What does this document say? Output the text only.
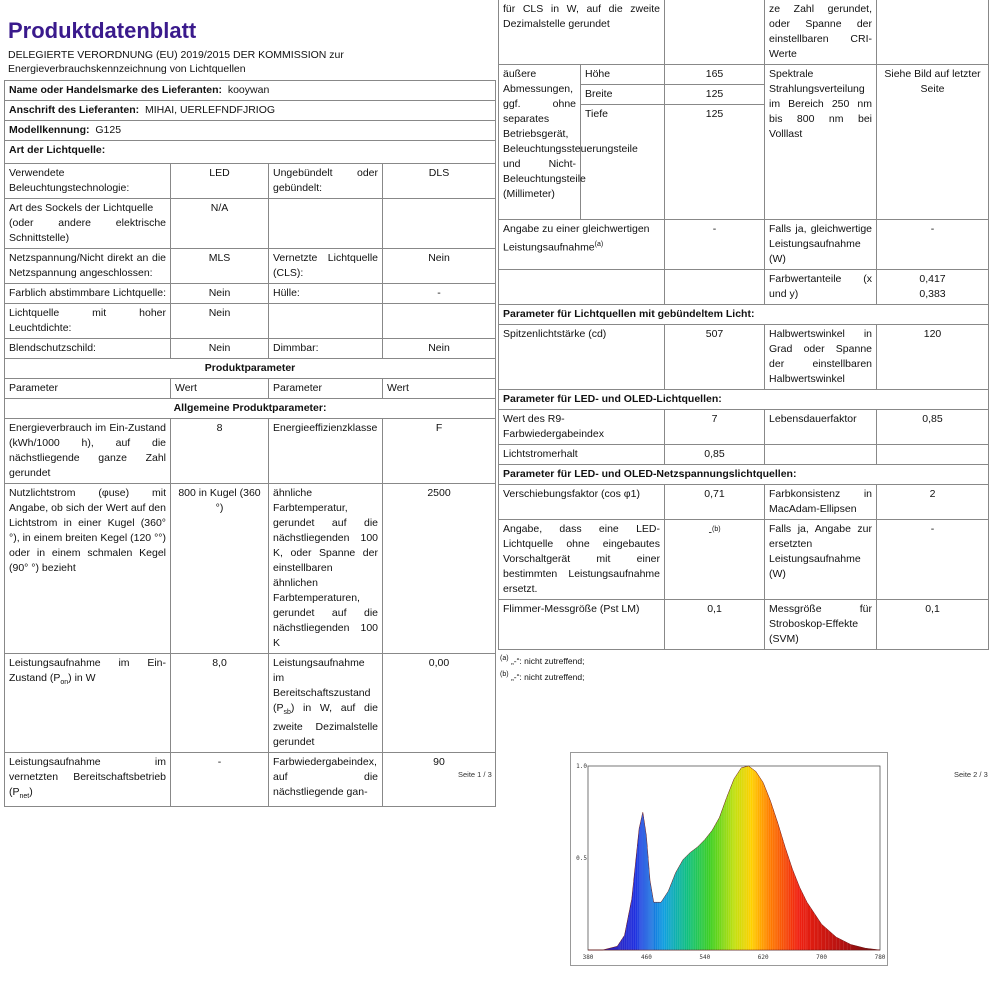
Produktdatenblatt
DELEGIERTE VERORDNUNG (EU) 2019/2015 DER KOMMISSION zur
Energieverbrauchskennzeichnung von Lichtquellen
Name oder Handelsmarke des Lieferanten: kooywan			
Anschrift des Lieferanten: MIHAI, UERLEFNDFJRIOG			
Modellkennung: G125			
Art der Lichtquelle:			
Verwendete Beleuchtungstechnologie:	LED	Ungebündelt oder gebündelt:	DLS

Art des Sockels der Lichtquelle
(oder andere elektrische Schnittstelle)	N/A		
Netzspannung/Nicht direkt an die Netzspannung angeschlossen:	MLS	Vernetzte Lichtquelle (CLS):	Nein
Farblich abstimmbare Lichtquelle:	Nein	Hülle:	-
Lichtquelle mit hoher Leuchtdichte:	Nein		
Blendschutzschild:	Nein	Dimmbar:	Nein
Produktparameter			
Parameter	Wert	Parameter	Wert
Allgemeine Produktparameter:			
Energieverbrauch im Ein-Zustand (kWh/1000 h), auf die nächstliegende ganze Zahl gerundet	8	Energieeffizienzklasse	F
Nutzlichtstrom (φuse) mit Angabe, ob sich der Wert auf den Lichtstrom in einer Kugel (360° °), in einem breiten Kegel (120 °°) oder in einem schmalen Kegel (90° °) bezieht	800 in Kugel (360 °)	ähnliche Farbtemperatur, gerundet auf die nächstliegenden 100 K, oder Spanne der einstellbaren ähnlichen Farbtemperaturen, gerundet auf die nächstliegenden 100 K	2500
Leistungsaufnahme im Ein-Zustand $(P_{on})$ in W	8,0	Leistungsaufnahme im Bereitschaftszustand $(P_{sb})$ in W, auf die zweite Dezimalstelle gerundet	0,00
Leistungsaufnahme im vernetzten Bereitschaftsbetrieb $(P_{net})$	-	Farbwiedergabeindex, auf die nächstliegende gan-	90
für CLS in W, auf die zweite Dezimalstelle gerundet			ze Zahl gerundet, oder Spanne der einstellbaren CRI-Werte	
äußere Abmessungen, ggf. ohne separates Betriebsgerät, Beleuchtungssteuerungsteile und Nicht-Beleuchtungsteile (Millimeter)	Höhe	165	Spektrale Strahlungsverteilung im Bereich 250 nm bis 800 nm bei Volllast	Siehe Bild auf letzter Seite
	Breite	125		
	Tiefe	125		
Angabe zu einer gleichwertigen Leistungsaufnahme$^{(a)}$		-	Falls ja, gleichwertige Leistungsaufnahme (W)	-
			Farbwertanteile (x und y)	0,417
0,383

Parameter für Lichtquellen mit gebündeltem Licht:				
Spitzenlichtstärke (cd)		507	Halbwertswinkel in Grad oder Spanne der einstellbaren Halbwertswinkel	120
Parameter für LED- und OLED-Lichtquellen:				
Wert des R9-Farbwiedergabeindex		7	Lebensdauerfaktor	0,85
Lichtstromerhalt		0,85		
Parameter für LED- und OLED-Netzspannungslichtquellen:				
Verschiebungsfaktor (cos φ1)		0,71	Farbkonsistenz in MacAdam-Ellipsen	2
Angabe, dass eine LED-Lichtquelle ohne eingebautes Vorschaltgerät mit einer bestimmten Leistungsaufnahme ersetzt.		-$^{(b)}$	Falls ja, Angabe zur ersetzten Leistungsaufnahme (W)	-
Flimmer-Messgröße (Pst LM)		0,1	Messgröße für Stroboskop-Effekte (SVM)	0,1
$^{(a)}$ „-“: nicht zutreffend;
$^{(b)}$ „-“: nicht zutreffend;
Seite 1 / 3	Seite 2 / 3
380	460	540	620	700	780
0.5
1.0
